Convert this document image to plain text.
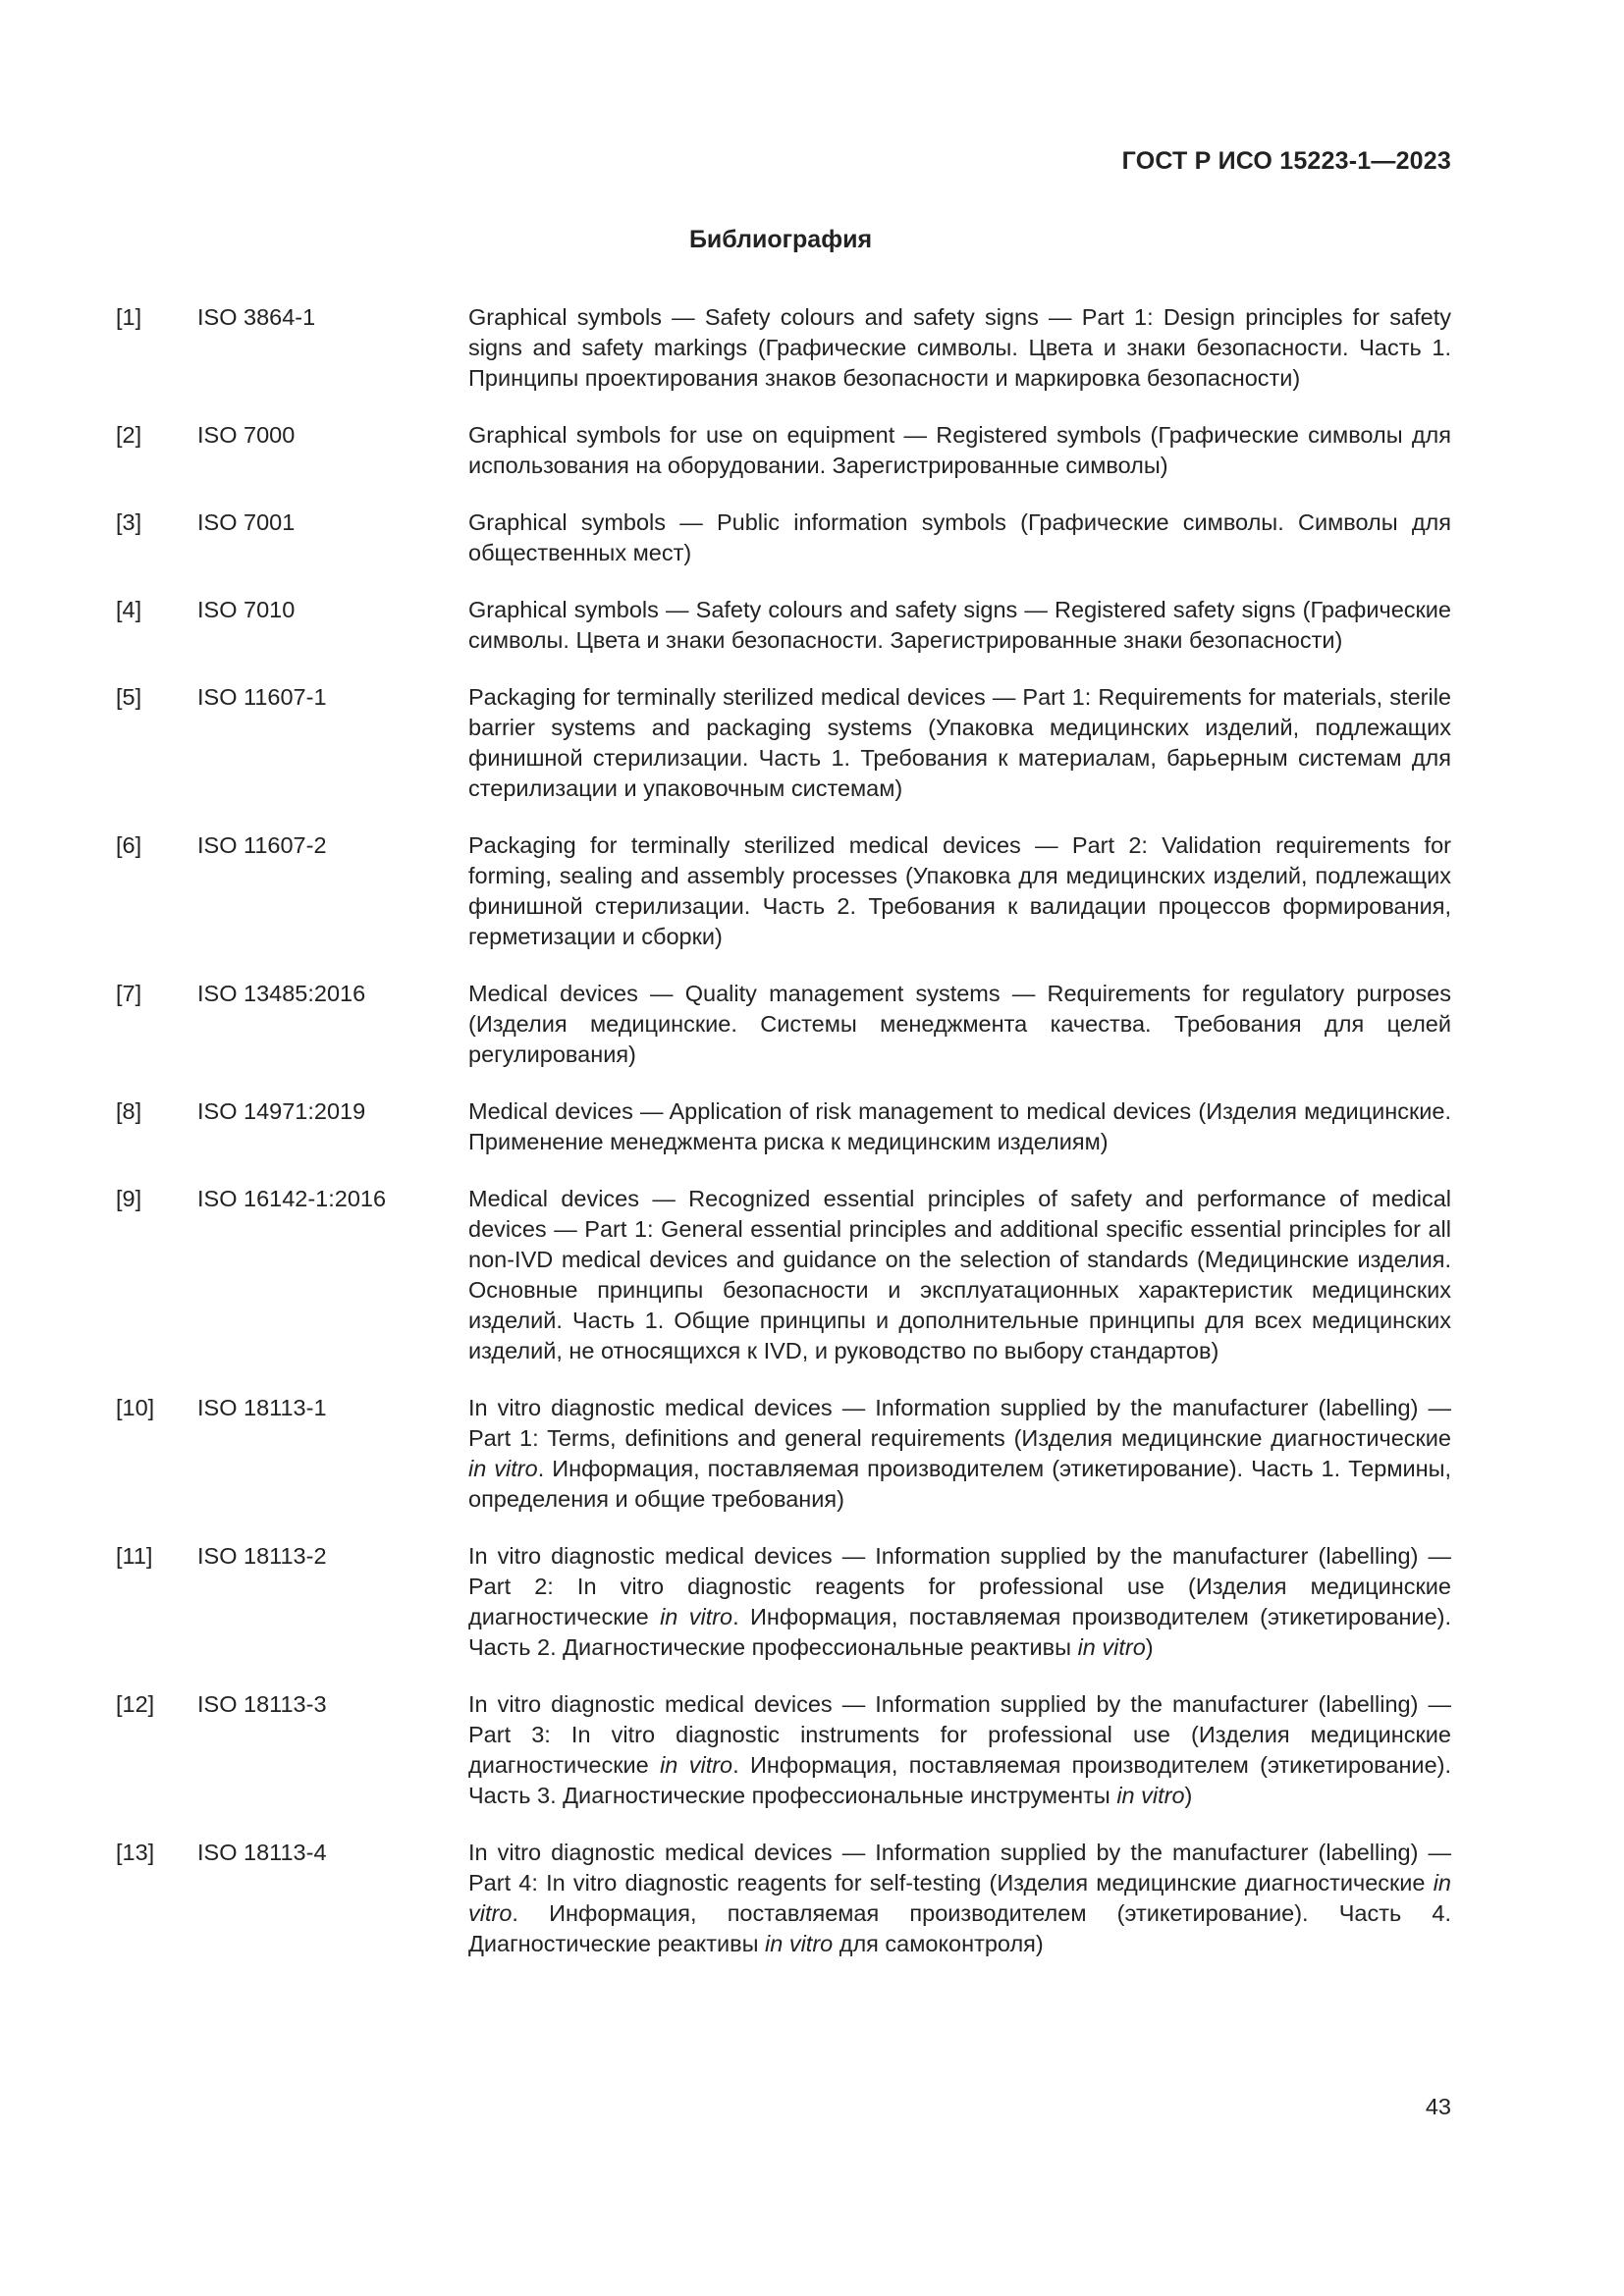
ГОСТ Р ИСО 15223-1—2023
Библиография
[1] ISO 3864-1	Graphical symbols — Safety colours and safety signs — Part 1: Design principles for safety signs and safety markings (Графические символы. Цвета и знаки безопасности. Часть 1. Принципы проектирования знаков безопасности и маркировка безопасности)
[2] ISO 7000	Graphical symbols for use on equipment — Registered symbols (Графические символы для использования на оборудовании. Зарегистрированные символы)
[3] ISO 7001	Graphical symbols — Public information symbols (Графические символы. Символы для общественных мест)
[4] ISO 7010	Graphical symbols — Safety colours and safety signs — Registered safety signs (Графические символы. Цвета и знаки безопасности. Зарегистрированные знаки безопасности)
[5] ISO 11607-1	Packaging for terminally sterilized medical devices — Part 1: Requirements for materials, sterile barrier systems and packaging systems (Упаковка медицинских изделий, подлежащих финишной стерилизации. Часть 1. Требования к материалам, барьерным системам для стерилизации и упаковочным системам)
[6] ISO 11607-2	Packaging for terminally sterilized medical devices — Part 2: Validation requirements for forming, sealing and assembly processes (Упаковка для медицинских изделий, подлежащих финишной стерилизации. Часть 2. Требования к валидации процессов формирования, герметизации и сборки)
[7] ISO 13485:2016	Medical devices — Quality management systems — Requirements for regulatory purposes (Изделия медицинские. Системы менеджмента качества. Требования для целей регулирования)
[8] ISO 14971:2019	Medical devices — Application of risk management to medical devices (Изделия медицинские. Применение менеджмента риска к медицинским изделиям)
[9] ISO 16142-1:2016	Medical devices — Recognized essential principles of safety and performance of medical devices — Part 1: General essential principles and additional specific essential principles for all non-IVD medical devices and guidance on the selection of standards (Медицинские изделия. Основные принципы безопасности и эксплуатационных характеристик медицинских изделий. Часть 1. Общие принципы и дополнительные принципы для всех медицинских изделий, не относящихся к IVD, и руководство по выбору стандартов)
[10] ISO 18113-1	In vitro diagnostic medical devices — Information supplied by the manufacturer (labelling) — Part 1: Terms, definitions and general requirements (Изделия медицинские диагностические in vitro. Информация, поставляемая производителем (этикетирование). Часть 1. Термины, определения и общие требования)
[11] ISO 18113-2	In vitro diagnostic medical devices — Information supplied by the manufacturer (labelling) — Part 2: In vitro diagnostic reagents for professional use (Изделия медицинские диагностические in vitro. Информация, поставляемая производителем (этикетирование). Часть 2. Диагностические профессиональные реактивы in vitro)
[12] ISO 18113-3	In vitro diagnostic medical devices — Information supplied by the manufacturer (labelling) — Part 3: In vitro diagnostic instruments for professional use (Изделия медицинские диагностические in vitro. Информация, поставляемая производителем (этикетирование). Часть 3. Диагностические профессиональные инструменты in vitro)
[13] ISO 18113-4	In vitro diagnostic medical devices — Information supplied by the manufacturer (labelling) — Part 4: In vitro diagnostic reagents for self-testing (Изделия медицинские диагностические in vitro. Информация, поставляемая производителем (этикетирование). Часть 4. Диагностические реактивы in vitro для самоконтроля)
43
